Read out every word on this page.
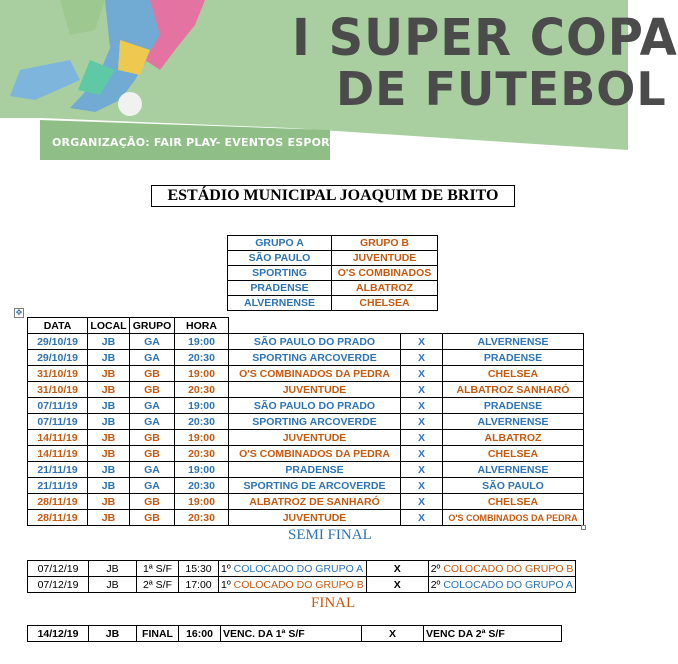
I SUPER COPA
DE FUTEBOL
ORGANIZAÇÃO: FAIR PLAY- EVENTOS ESPORTIVOS
ESTÁDIO MUNICIPAL JOAQUIM DE BRITO
GRUPO A	GRUPO B
SÃO PAULO	JUVENTUDE
SPORTING	O'S COMBINADOS
PRADENSE	ALBATROZ
ALVERNENSE	CHELSEA
✥
DATA	LOCAL	GRUPO	HORA			
29/10/19	JB	GA	19:00	SÃO PAULO DO PRADO	X	ALVERNENSE
29/10/19	JB	GA	20:30	SPORTING ARCOVERDE	X	PRADENSE
31/10/19	JB	GB	19:00	O'S COMBINADOS DA PEDRA	X	CHELSEA
31/10/19	JB	GB	20:30	JUVENTUDE	X	ALBATROZ SANHARÓ
07/11/19	JB	GA	19:00	SÃO PAULO DO PRADO	X	PRADENSE
07/11/19	JB	GA	20:30	SPORTING ARCOVERDE	X	ALVERNENSE
14/11/19	JB	GB	19:00	JUVENTUDE	X	ALBATROZ
14/11/19	JB	GB	20:30	O'S COMBINADOS DA PEDRA	X	CHELSEA
21/11/19	JB	GA	19:00	PRADENSE	X	ALVERNENSE
21/11/19	JB	GA	20:30	SPORTING DE ARCOVERDE	X	SÃO PAULO
28/11/19	JB	GB	19:00	ALBATROZ DE SANHARÓ	X	CHELSEA
28/11/19	JB	GB	20:30	JUVENTUDE	X	O'S COMBINADOS DA PEDRA
SEMI FINAL
07/12/19	JB	1ª S/F	15:30	1º COLOCADO DO GRUPO A	X	2º COLOCADO DO GRUPO B
07/12/19	JB	2ª S/F	17:00	1º COLOCADO DO GRUPO B	X	2º COLOCADO DO GRUPO A
FINAL
14/12/19	JB	FINAL	16:00	VENC. DA 1ª S/F	X	VENC DA 2ª S/F
